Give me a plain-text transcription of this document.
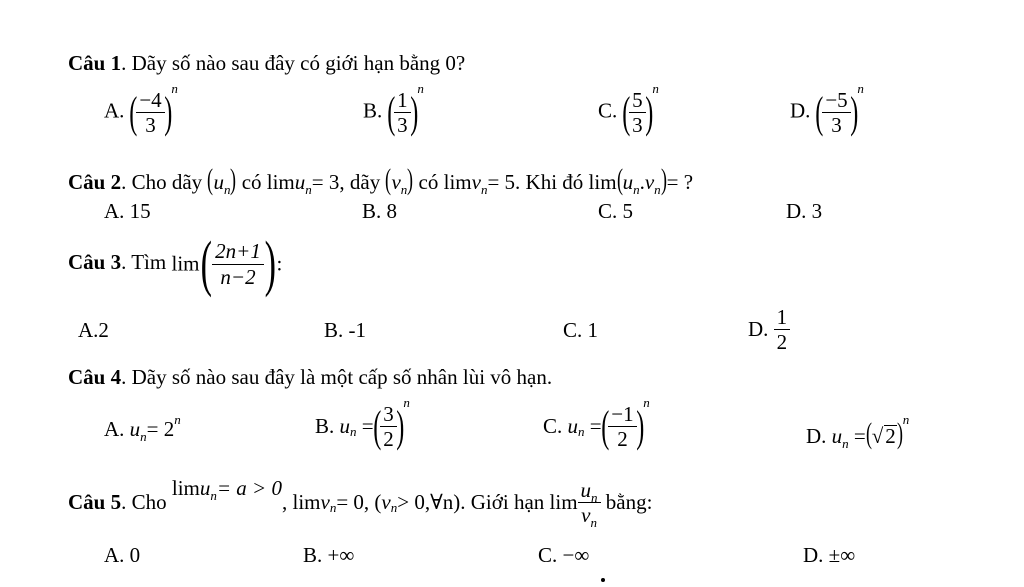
Câu 1. Dãy số nào sau đây có giới hạn bằng 0?
A. ( $\frac{-4}{3} )^n$
B. ( $\frac{1}{3} )^n$
C. ( $\frac{5}{3} )^n$
D. ( $\frac{-5}{3} )^n$
Câu 2. Cho dãy $(u_n)$ có limu$_n$= 3, dãy $(v_n)$ có limv$_n$= 5. Khi đó $\lim(u_n.v_n)=$ ?
A. 15	B. 8	C. 5	D. 3
Câu 3. Tìm $\lim( \frac{2n+1}{n-2}$ ):
A.2	B. -1	C. 1	D. $\frac{1}{2}$
Câu 4. Dãy số nào sau đây là một cấp số nhân lùi vô hạn.
A. $u_n= 2^n$	B. $u_n$ =( $\frac{3}{2} )^n$
C. $u_n$ =( $\frac{-1}{2} )^n$
D. $u_n =(√2)^n$
Câu 5. Cho limu$_n$= a > 0, limv$_n$= 0, ($v_n>$ 0,∀n). Giới hạn $\lim \frac{u_n}{v_n}$ bằng:
A. 0	B. +∞	C. −∞	D. ±∞
